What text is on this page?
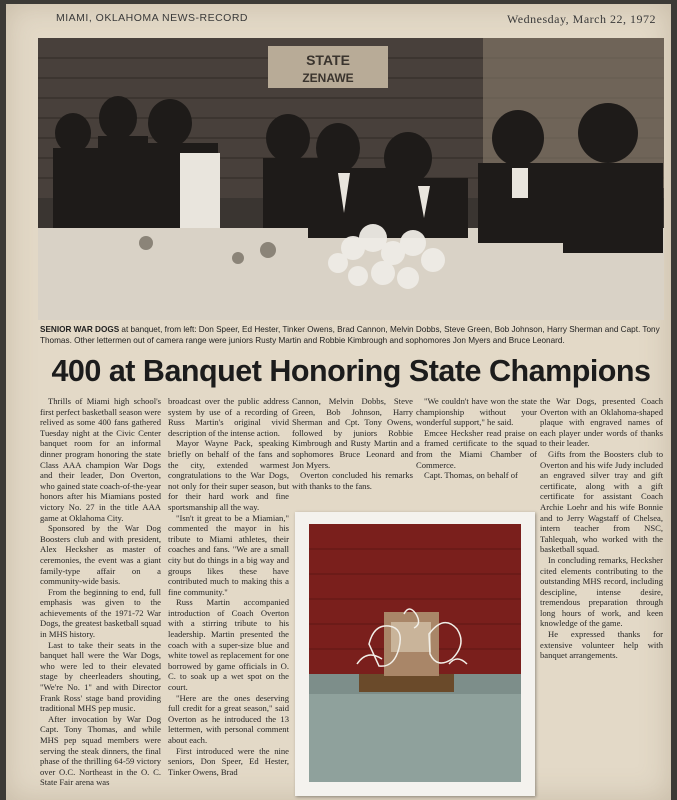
MIAMI, OKLAHOMA NEWS-RECORD	Wednesday, March 22, 1972
STATE
ZENAWE
SENIOR WAR DOGS at banquet, from left: Don Speer, Ed Hester, Tinker Owens, Brad Cannon, Melvin Dobbs, Steve Green, Bob Johnson, Harry Sherman and Capt. Tony Thomas. Other lettermen out of camera range were juniors Rusty Martin and Robbie Kimbrough and sophomores Jon Myers and Bruce Leonard.
400 at Banquet Honoring State Champions

Thrills of Miami high school's first perfect basketball season were relived as some 400 fans gathered Tuesday night at the Civic Center banquet room for an informal dinner program honoring the state Class AAA champion War Dogs and their leader, Don Overton, who gained state coach-of-the-year honors after his Miamians posted victory No. 27 in the title AAA game at Oklahoma City.

Sponsored by the War Dog Boosters club and with president, Alex Hecksher as master of ceremonies, the event was a giant family-type affair on a community-wide basis.

From the beginning to end, full emphasis was given to the achievements of the 1971-72 War Dogs, the greatest basketball squad in MHS history.

Last to take their seats in the banquet hall were the War Dogs, who were led to their elevated stage by cheerleaders shouting, "We're No. 1" and with Director Frank Ross' stage band providing traditional MHS pep music.

After invocation by War Dog Capt. Tony Thomas, and while MHS pep squad members were serving the steak dinners, the final phase of the thrilling 64-59 victory over O.C. Northeast in the O. C. State Fair arena was

broadcast over the public address system by use of a recording of Russ Martin's original vivid description of the intense action.

Mayor Wayne Pack, speaking briefly on behalf of the fans and the city, extended warmest congratulations to the War Dogs, not only for their super season, but for their hard work and fine sportsmanship all the way.

"Isn't it great to be a Miamian," commented the mayor in his tribute to Miami athletes, their coaches and fans. "We are a small city but do things in a big way and groups likes these have contributed much to making this a fine community."

Russ Martin accompanied introduction of Coach Overton with a stirring tribute to his leadership. Martin presented the coach with a super-size blue and white towel as replacement for one borrowed by game officials in O. C. to soak up a wet spot on the court.

"Here are the ones deserving full credit for a great season," said Overton as he introduced the 13 lettermen, with personal comment about each.

First introduced were the nine seniors, Don Speer, Ed Hester, Tinker Owens, Brad

Cannon, Melvin Dobbs, Steve Green, Bob Johnson, Harry Sherman and Cpt. Tony Owens, followed by juniors Robbie Kimbrough and Rusty Martin and sophomores Bruce Leonard and Jon Myers.

Overton concluded his remarks with thanks to the fans.

"We couldn't have won the state championship without your wonderful support," he said.

Emcee Hecksher read praise on a framed certificate to the squad from the Miami Chamber of Commerce.

Capt. Thomas, on behalf of

the War Dogs, presented Coach Overton with an Oklahoma-shaped plaque with engraved names of each player under words of thanks to their leader.

Gifts from the Boosters club to Overton and his wife Judy included an engraved silver tray and gift certificate, along with a gift certificate for assistant Coach Archie Loehr and his wife Bonnie and to Jerry Wagstaff of Chelsea, intern teacher from NSC, Tahlequah, who worked with the basketball squad.

In concluding remarks, Hecksher cited elements contributing to the outstanding MHS record, including descipline, intense desire, tremendous preparation through long hours of work, and keen knowledge of the game.

He expressed thanks for extensive volunteer help with banquet arrangements.
